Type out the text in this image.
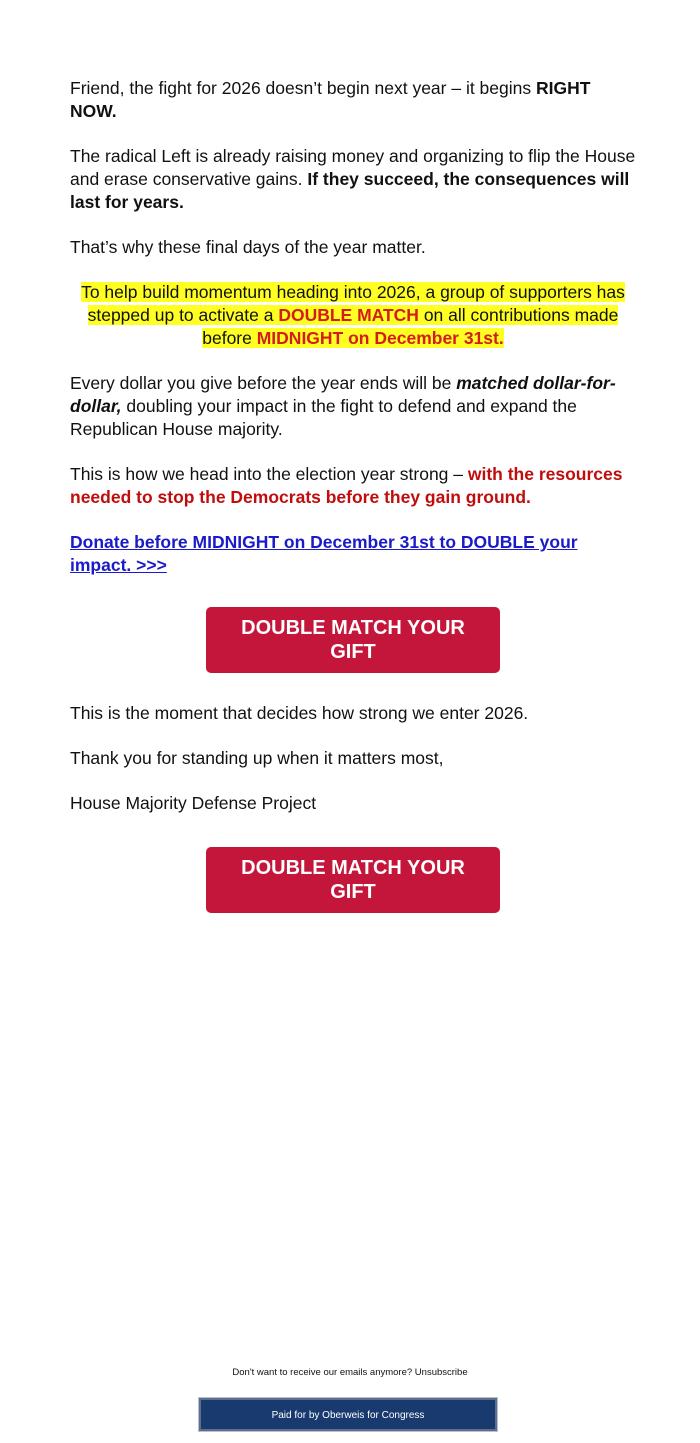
Friend, the fight for 2026 doesn’t begin next year – it begins RIGHT NOW.

The radical Left is already raising money and organizing to flip the House and erase conservative gains. If they succeed, the consequences will last for years.

That’s why these final days of the year matter.

To help build momentum heading into 2026, a group of supporters has stepped up to activate a DOUBLE MATCH on all contributions made before MIDNIGHT on December 31st.

Every dollar you give before the year ends will be matched dollar-for-dollar, doubling your impact in the fight to defend and expand the Republican House majority.

This is how we head into the election year strong – with the resources needed to stop the Democrats before they gain ground.

Donate before MIDNIGHT on December 31st to DOUBLE your impact. >>>

DOUBLE MATCH YOUR GIFT

This is the moment that decides how strong we enter 2026.

Thank you for standing up when it matters most,

House Majority Defense Project

DOUBLE MATCH YOUR GIFT
Don't want to receive our emails anymore? Unsubscribe
Paid for by Oberweis for Congress
